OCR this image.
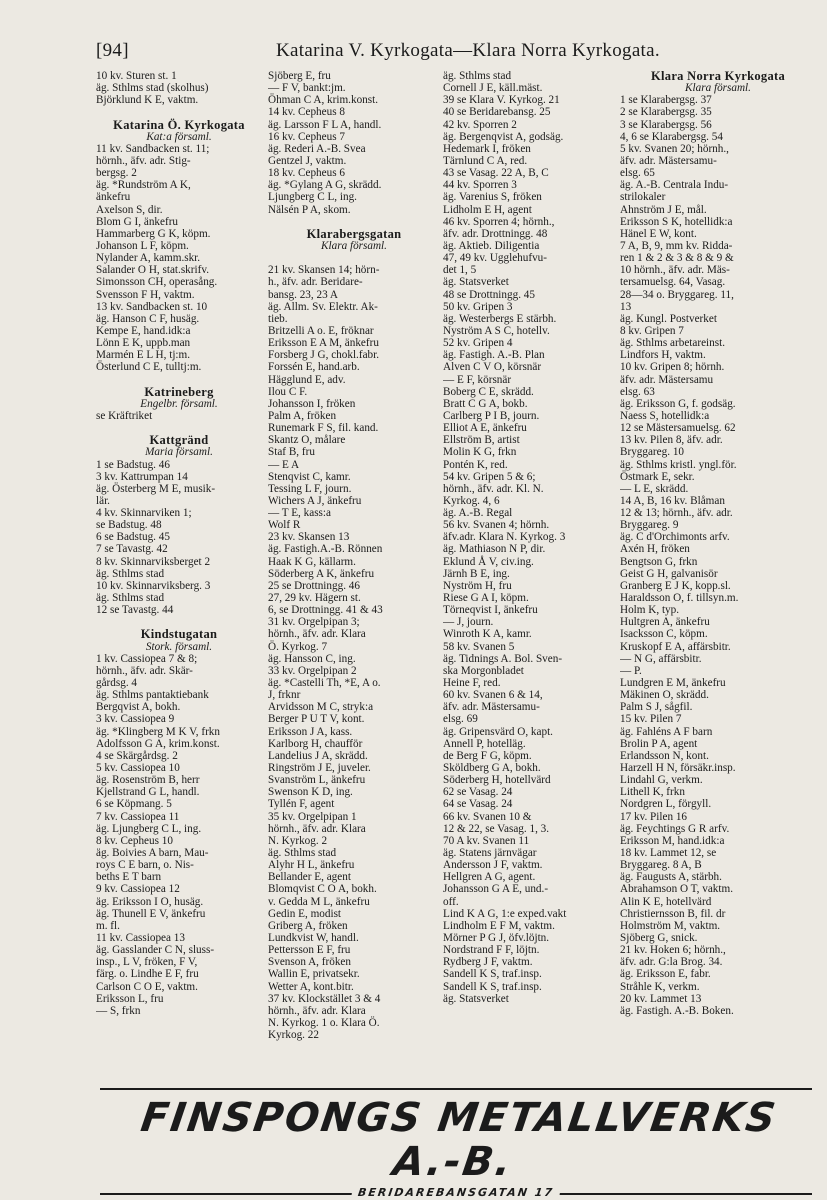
[94]	Katarina V. Kyrkogata—Klara Norra Kyrkogata.
10 kv. Sturen st. 1
äg. Sthlms stad (skolhus)
Björklund K E, vaktm.
Katarina Ö. Kyrkogata
Kat:a församl.
11 kv. Sandbacken st. 11;
hörnh., äfv. adr. Stig-
bergsg. 2
äg. *Rundström A K,
änkefru
Axelson S, dir.
Blom G I, änkefru
Hammarberg G K, köpm.
Johanson L F, köpm.
Nylander A, kamm.skr.
Salander O H, stat.skrifv.
Simonsson CH, operasång.
Svensson F H, vaktm.
13 kv. Sandbacken st. 10
äg. Hanson C F, husäg.
Kempe E, hand.idk:a
Lönn E K, uppb.man
Marmén E L H, tj:m.
Österlund C E, tulltj:m.
Katrineberg
Engelbr. församl.
se Kräftriket
Kattgränd
Maria församl.
1 se Badstug. 46
3 kv. Kattrumpan 14
äg. Österberg M E, musik-
lär.
4 kv. Skinnarviken 1;
se Badstug. 48
6 se Badstug. 45
7 se Tavastg. 42
8 kv. Skinnarviksberget 2
äg. Sthlms stad
10 kv. Skinnarviksberg. 3
äg. Sthlms stad
12 se Tavastg. 44
Kindstugatan
Stork. församl.
1 kv. Cassiopea 7 & 8;
hörnh., äfv. adr. Skär-
gårdsg. 4
äg. Sthlms pantaktiebank
Bergqvist A, bokh.
3 kv. Cassiopea 9
äg. *Klingberg M K V, frkn
Adolfsson G A, krim.konst.
4 se Skärgårdsg. 2
5 kv. Cassiopea 10
äg. Rosenström B, herr
Kjellstrand G L, handl.
6 se Köpmang. 5
7 kv. Cassiopea 11
äg. Ljungberg C L, ing.
8 kv. Cepheus 10
äg. Boivies A barn, Mau-
roys C E barn, o. Nis-
beths E T barn
9 kv. Cassiopea 12
äg. Eriksson I O, husäg.
äg. Thunell E V, änkefru
m. fl.
11 kv. Cassiopea 13
äg. Gasslander C N, sluss-
insp., L V, fröken, F V,
färg. o. Lindhe E F, fru
Carlson C O E, vaktm.
Eriksson L, fru
— S, frkn
Sjöberg E, fru
— F V, bankt:jm.
Öhman C A, krim.konst.
14 kv. Cepheus 8
äg. Larsson F L A, handl.
16 kv. Cepheus 7
äg. Rederi A.-B. Svea
Gentzel J, vaktm.
18 kv. Cepheus 6
äg. *Gylang A G, skrädd.
Ljungberg C L, ing.
Nälsén P A, skom.
Klarabergsgatan
Klara församl.
21 kv. Skansen 14; hörn-
h., äfv. adr. Beridare-
bansg. 23, 23 A
äg. Allm. Sv. Elektr. Ak-
tieb.
Britzelli A o. E, fröknar
Eriksson E A M, änkefru
Forsberg J G, chokl.fabr.
Forssén E, hand.arb.
Hägglund E, adv.
Ilou C F.
Johansson I, fröken
Palm A, fröken
Runemark F S, fil. kand.
Skantz O, målare
Staf B, fru
— E A
Stenqvist C, kamr.
Tessing L F, journ.
Wichers A J, änkefru
— T E, kass:a
Wolf R
23 kv. Skansen 13
äg. Fastigh.A.-B. Rönnen
Haak K G, källarm.
Söderberg A K, änkefru
25 se Drottningg. 46
27, 29 kv. Hägern st.
6, se Drottningg. 41 & 43
31 kv. Orgelpipan 3;
hörnh., äfv. adr. Klara
Ö. Kyrkog. 7
äg. Hansson C, ing.
33 kv. Orgelpipan 2
äg. *Castelli Th, *E, A o.
J, frknr
Arvidsson M C, stryk:a
Berger P U T V, kont.
Eriksson J A, kass.
Karlborg H, chaufför
Landelius J A, skrädd.
Ringström J E, juveler.
Svanström L, änkefru
Swenson K D, ing.
Tyllén F, agent
35 kv. Orgelpipan 1
hörnh., äfv. adr. Klara
N. Kyrkog. 2
äg. Sthlms stad
Alyhr H L, änkefru
Bellander E, agent
Blomqvist C O A, bokh.
v. Gedda M L, änkefru
Gedin E, modist
Griberg A, fröken
Lundkvist W, handl.
Pettersson E F, fru
Svenson A, fröken
Wallin E, privatsekr.
Wetter A, kont.bitr.
37 kv. Klockstället 3 & 4
hörnh., äfv. adr. Klara
N. Kyrkog. 1 o. Klara Ö.
Kyrkog. 22
äg. Sthlms stad
Cornell J E, käll.mäst.
39 se Klara V. Kyrkog. 21
40 se Beridarebansg. 25
42 kv. Sporren 2
äg. Bergenqvist A, godsäg.
Hedemark I, fröken
Tärnlund C A, red.
43 se Vasag. 22 A, B, C
44 kv. Sporren 3
äg. Varenius S, fröken
Lidholm E H, agent
46 kv. Sporren 4; hörnh.,
äfv. adr. Drottningg. 48
äg. Aktieb. Diligentia
47, 49 kv. Ugglehufvu-
det 1, 5
äg. Statsverket
48 se Drottningg. 45
50 kv. Gripen 3
äg. Westerbergs E stärbh.
Nyström A S C, hotellv.
52 kv. Gripen 4
äg. Fastigh. A.-B. Plan
Alven C V O, körsnär
— E F, körsnär
Boberg C E, skrädd.
Bratt C G A, bokb.
Carlberg P I B, journ.
Elliot A E, änkefru
Ellström B, artist
Molin K G, frkn
Pontén K, red.
54 kv. Gripen 5 & 6;
hörnh., äfv. adr. Kl. N.
Kyrkog. 4, 6
äg. A.-B. Regal
56 kv. Svanen 4; hörnh.
äfv.adr. Klara N. Kyrkog. 3
äg. Mathiason N P, dir.
Eklund Å V, civ.ing.
Järnh B E, ing.
Nyström H, fru
Riese G A I, köpm.
Törneqvist I, änkefru
— J, journ.
Winroth K A, kamr.
58 kv. Svanen 5
äg. Tidnings A. Bol. Sven-
ska Morgonbladet
Heine F, red.
60 kv. Svanen 6 & 14,
äfv. adr. Mästersamu-
elsg. 69
äg. Gripensvärd O, kapt.
Annell P, hotelläg.
de Berg F G, köpm.
Sköldberg G A, bokh.
Söderberg H, hotellvärd
62 se Vasag. 24
64 se Vasag. 24
66 kv. Svanen 10 &
12 & 22, se Vasag. 1, 3.
70 A kv. Svanen 11
äg. Statens järnvägar
Andersson J F, vaktm.
Hellgren A G, agent.
Johansson G A E, und.-
off.
Lind K A G, 1:e exped.vakt
Lindholm E F M, vaktm.
Mörner P G J, öfv.löjtn.
Nordstrand F F, löjtn.
Rydberg J F, vaktm.
Sandell K S, traf.insp.
Sandell K S, traf.insp.
äg. Statsverket
Klara Norra Kyrkogata
Klara församl.
1 se Klarabergsg. 37
2 se Klarabergsg. 35
3 se Klarabergsg. 56
4, 6 se Klarabergsg. 54
5 kv. Svanen 20; hörnh.,
äfv. adr. Mästersamu-
elsg. 65
äg. A.-B. Centrala Indu-
strilokaler
Ahnström J E, mål.
Eriksson S K, hotellidk:a
Hänel E W, kont.
7 A, B, 9, mm kv. Ridda-
ren 1 & 2 & 3 & 8 & 9 &
10 hörnh., äfv. adr. Mäs-
tersamuelsg. 64, Vasag.
28—34 o. Bryggareg. 11,
13
äg. Kungl. Postverket
8 kv. Gripen 7
äg. Sthlms arbetareinst.
Lindfors H, vaktm.
10 kv. Gripen 8; hörnh.
äfv. adr. Mästersamu
elsg. 63
äg. Eriksson G, f. godsäg.
Naess S, hotellidk:a
12 se Mästersamuelsg. 62
13 kv. Pilen 8, äfv. adr.
Bryggareg. 10
äg. Sthlms kristl. yngl.för.
Östmark E, sekr.
— L E, skrädd.
14 A, B, 16 kv. Blåman
12 & 13; hörnh., äfv. adr.
Bryggareg. 9
äg. C d'Orchimonts arfv.
Axén H, fröken
Bengtson G, frkn
Geist G H, galvanisör
Granberg E J K, kopp.sl.
Haraldsson O, f. tillsyn.m.
Holm K, typ.
Hultgren A, änkefru
Isacksson C, köpm.
Kruskopf E A, affärsbitr.
— N G, affärsbitr.
— P.
Lundgren E M, änkefru
Mäkinen O, skrädd.
Palm S J, sågfil.
15 kv. Pilen 7
äg. Fahléns A F barn
Brolin P A, agent
Erlandsson N, kont.
Harzell H N, försäkr.insp.
Lindahl G, verkm.
Lithell K, frkn
Nordgren L, förgyll.
17 kv. Pilen 16
äg. Feychtings G R arfv.
Eriksson M, hand.idk:a
18 kv. Lammet 12, se
Bryggareg. 8 A, B
äg. Faugusts A, stärbh.
Abrahamson O T, vaktm.
Alin K E, hotellvärd
Christiernsson B, fil. dr
Holmström M, vaktm.
Sjöberg G, snick.
21 kv. Hoken 6; hörnh.,
äfv. adr. G:la Brog. 34.
äg. Eriksson E, fabr.
Stråhle K, verkm.
20 kv. Lammet 13
äg. Fastigh. A.-B. Boken.
FINSPONGS METALLVERKS A.-B.
BERIDAREBANSGATAN 17
